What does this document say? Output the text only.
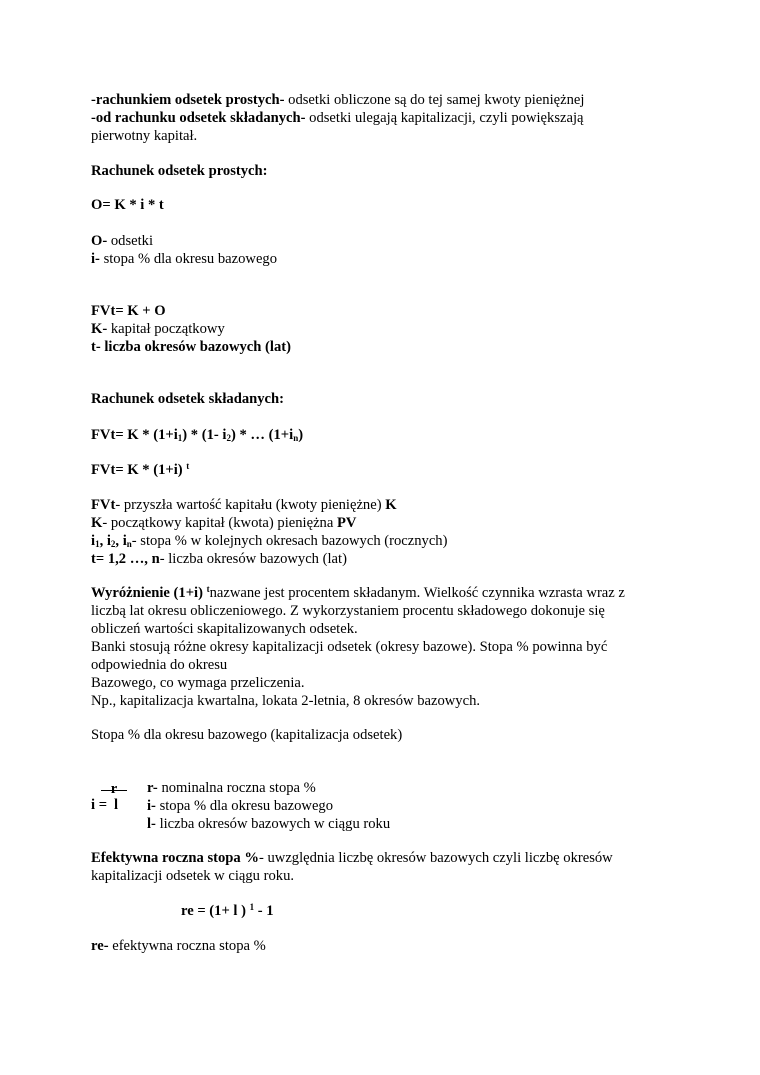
-rachunkiem odsetek prostych- odsetki obliczone są do tej samej kwoty pieniężnej
-od rachunku odsetek składanych- odsetki ulegają kapitalizacji, czyli powiększają
pierwotny kapitał.
Rachunek odsetek prostych:
O= K * i * t
O- odsetki
i- stopa % dla okresu bazowego
FVt= K + O
K- kapitał początkowy
t- liczba okresów bazowych (lat)
Rachunek odsetek składanych:
$FVt= K * (1+i_1) * (1-$ $i_2$) * … $(1+i_n)$
FVt= K * (1+i) $^t$
FVt- przyszła wartość kapitału (kwoty pieniężne) K
K- początkowy kapitał (kwota) pieniężna PV
$i_1$, $i_2$, $i_n-$ stopa % w kolejnych okresach bazowych (rocznych)
t= 1,2 …, n- liczba okresów bazowych (lat)
Wyróżnienie (1+i) $^t$nazwane jest procentem składanym. Wielkość czynnika wzrasta wraz z
liczbą lat okresu obliczeniowego. Z wykorzystaniem procentu składowego dokonuje się
obliczeń wartości skapitalizowanych odsetek.
Banki stosują różne okresy kapitalizacji odsetek (okresy bazowe). Stopa % powinna być
odpowiednia do okresu
Bazowego, co wymaga przeliczenia.
Np., kapitalizacja kwartalna, lokata 2-letnia, 8 okresów bazowych.
Stopa % dla okresu bazowego (kapitalizacja odsetek)
r
i = l
r- nominalna roczna stopa %
i- stopa % dla okresu bazowego
l- liczba okresów bazowych w ciągu roku
Efektywna roczna stopa %- uwzględnia liczbę okresów bazowych czyli liczbę okresów
kapitalizacji odsetek w ciągu roku.
re = (1+ l ) $^1$ - 1
re- efektywna roczna stopa %
